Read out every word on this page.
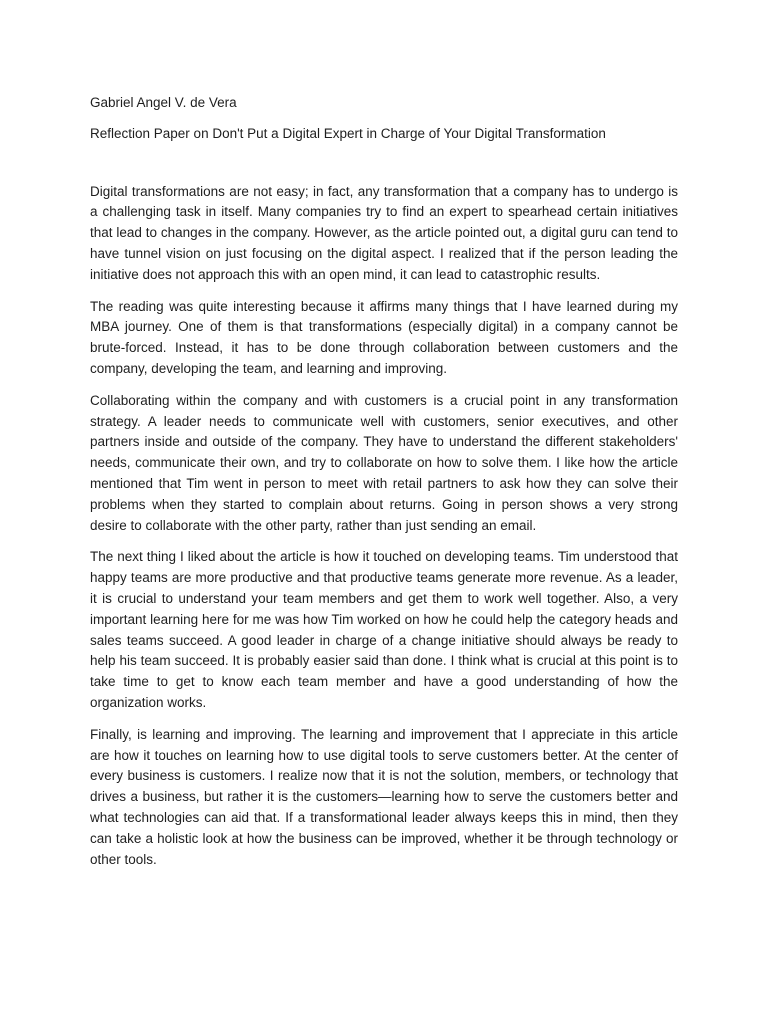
Gabriel Angel V. de Vera

Reflection Paper on Don't Put a Digital Expert in Charge of Your Digital Transformation

Digital transformations are not easy; in fact, any transformation that a company has to undergo is a challenging task in itself. Many companies try to find an expert to spearhead certain initiatives that lead to changes in the company. However, as the article pointed out, a digital guru can tend to have tunnel vision on just focusing on the digital aspect. I realized that if the person leading the initiative does not approach this with an open mind, it can lead to catastrophic results.

The reading was quite interesting because it affirms many things that I have learned during my MBA journey. One of them is that transformations (especially digital) in a company cannot be brute-forced. Instead, it has to be done through collaboration between customers and the company, developing the team, and learning and improving.

Collaborating within the company and with customers is a crucial point in any transformation strategy. A leader needs to communicate well with customers, senior executives, and other partners inside and outside of the company. They have to understand the different stakeholders' needs, communicate their own, and try to collaborate on how to solve them. I like how the article mentioned that Tim went in person to meet with retail partners to ask how they can solve their problems when they started to complain about returns. Going in person shows a very strong desire to collaborate with the other party, rather than just sending an email.

The next thing I liked about the article is how it touched on developing teams. Tim understood that happy teams are more productive and that productive teams generate more revenue. As a leader, it is crucial to understand your team members and get them to work well together. Also, a very important learning here for me was how Tim worked on how he could help the category heads and sales teams succeed. A good leader in charge of a change initiative should always be ready to help his team succeed. It is probably easier said than done. I think what is crucial at this point is to take time to get to know each team member and have a good understanding of how the organization works.

Finally, is learning and improving. The learning and improvement that I appreciate in this article are how it touches on learning how to use digital tools to serve customers better. At the center of every business is customers. I realize now that it is not the solution, members, or technology that drives a business, but rather it is the customers—learning how to serve the customers better and what technologies can aid that. If a transformational leader always keeps this in mind, then they can take a holistic look at how the business can be improved, whether it be through technology or other tools.
